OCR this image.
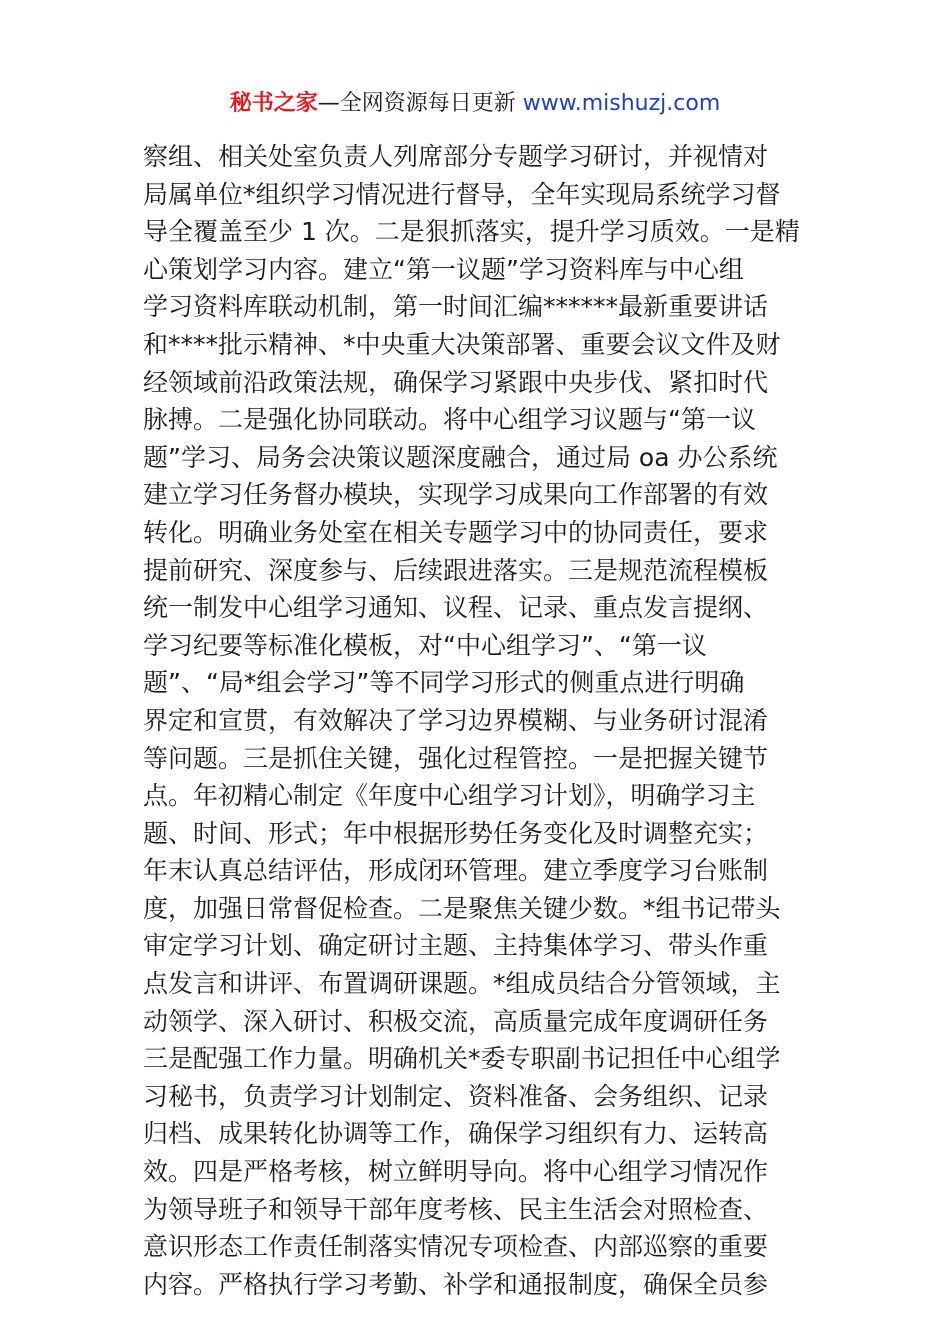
秘书之家—全网资源每日更新 www.mishuzj.com
察组、相关处室负责人列席部分专题学习研讨，并视情对
局属单位*组织学习情况进行督导，全年实现局系统学习督
导全覆盖至少 1 次。二是狠抓落实，提升学习质效。一是精
心策划学习内容。建立“第一议题”学习资料库与中心组
学习资料库联动机制，第一时间汇编******最新重要讲话
和****批示精神、*中央重大决策部署、重要会议文件及财
经领域前沿政策法规，确保学习紧跟中央步伐、紧扣时代
脉搏。二是强化协同联动。将中心组学习议题与“第一议
题”学习、局务会决策议题深度融合，通过局 oa 办公系统
建立学习任务督办模块，实现学习成果向工作部署的有效
转化。明确业务处室在相关专题学习中的协同责任，要求
提前研究、深度参与、后续跟进落实。三是规范流程模板
统一制发中心组学习通知、议程、记录、重点发言提纲、
学习纪要等标准化模板，对“中心组学习”、“第一议
题”、“局*组会学习”等不同学习形式的侧重点进行明确
界定和宣贯，有效解决了学习边界模糊、与业务研讨混淆
等问题。三是抓住关键，强化过程管控。一是把握关键节
点。年初精心制定《年度中心组学习计划》，明确学习主
题、时间、形式；年中根据形势任务变化及时调整充实；
年末认真总结评估，形成闭环管理。建立季度学习台账制
度，加强日常督促检查。二是聚焦关键少数。*组书记带头
审定学习计划、确定研讨主题、主持集体学习、带头作重
点发言和讲评、布置调研课题。*组成员结合分管领域，主
动领学、深入研讨、积极交流，高质量完成年度调研任务
三是配强工作力量。明确机关*委专职副书记担任中心组学
习秘书，负责学习计划制定、资料准备、会务组织、记录
归档、成果转化协调等工作，确保学习组织有力、运转高
效。四是严格考核，树立鲜明导向。将中心组学习情况作
为领导班子和领导干部年度考核、民主生活会对照检查、
意识形态工作责任制落实情况专项检查、内部巡察的重要
内容。严格执行学习考勤、补学和通报制度，确保全员参
